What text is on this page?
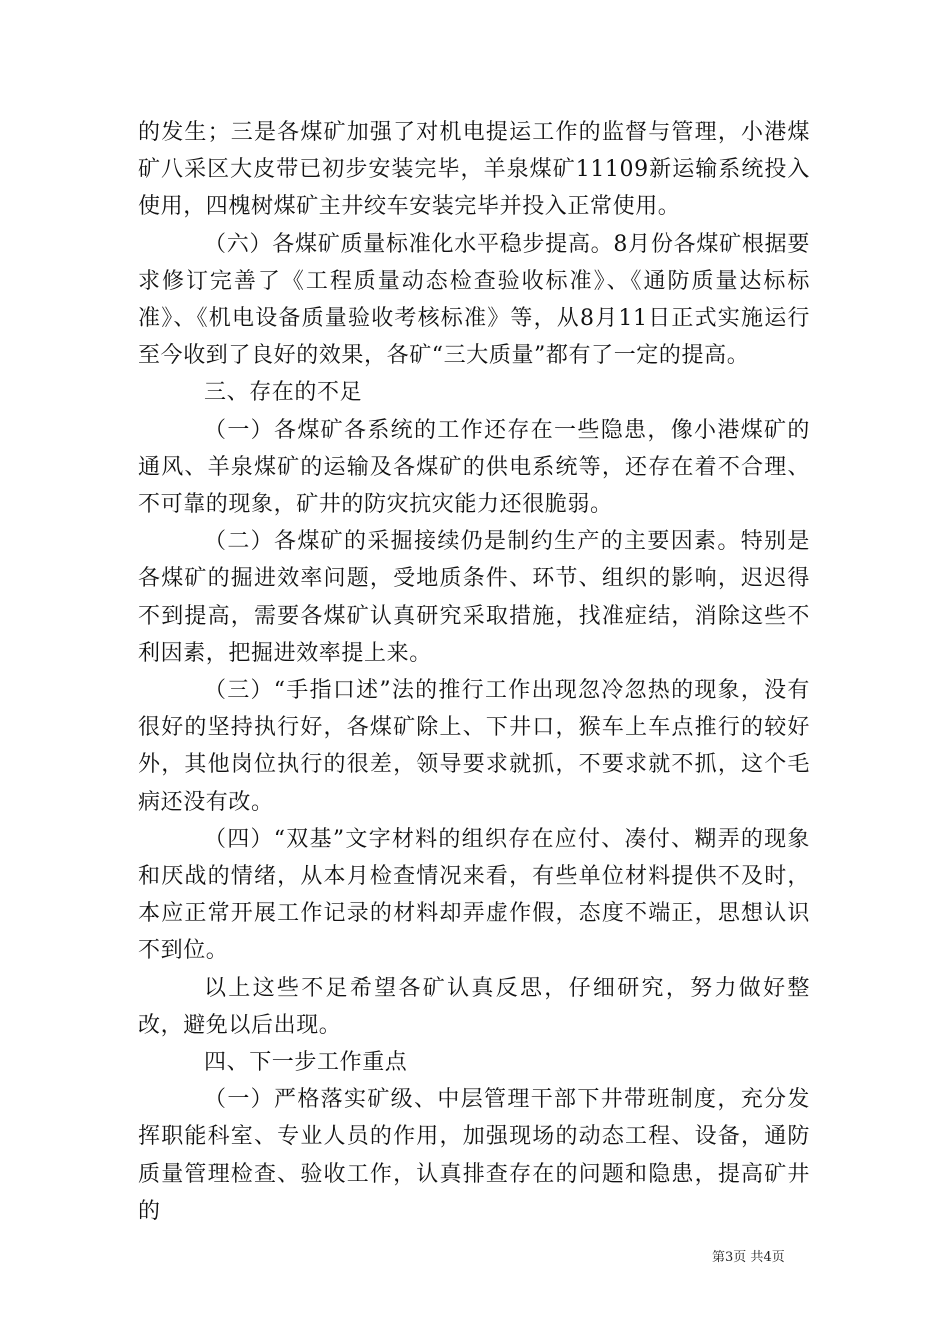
的发生；三是各煤矿加强了对机电提运工作的监督与管理，小港煤矿八采区大皮带已初步安装完毕，羊泉煤矿11109新运输系统投入使用，四槐树煤矿主井绞车安装完毕并投入正常使用。

（六）各煤矿质量标准化水平稳步提高。8月份各煤矿根据要求修订完善了《工程质量动态检查验收标准》、《通防质量达标标准》、《机电设备质量验收考核标准》等，从8月11日正式实施运行至今收到了良好的效果，各矿“三大质量”都有了一定的提高。

三、存在的不足

（一）各煤矿各系统的工作还存在一些隐患，像小港煤矿的通风、羊泉煤矿的运输及各煤矿的供电系统等，还存在着不合理、不可靠的现象，矿井的防灾抗灾能力还很脆弱。

（二）各煤矿的采掘接续仍是制约生产的主要因素。特别是各煤矿的掘进效率问题，受地质条件、环节、组织的影响，迟迟得不到提高，需要各煤矿认真研究采取措施，找准症结，消除这些不利因素，把掘进效率提上来。

（三）“手指口述”法的推行工作出现忽冷忽热的现象，没有很好的坚持执行好，各煤矿除上、下井口，猴车上车点推行的较好外，其他岗位执行的很差，领导要求就抓，不要求就不抓，这个毛病还没有改。

（四）“双基”文字材料的组织存在应付、凑付、糊弄的现象和厌战的情绪，从本月检查情况来看，有些单位材料提供不及时，本应正常开展工作记录的材料却弄虚作假，态度不端正，思想认识不到位。

以上这些不足希望各矿认真反思，仔细研究，努力做好整改，避免以后出现。

四、下一步工作重点

（一）严格落实矿级、中层管理干部下井带班制度，充分发挥职能科室、专业人员的作用，加强现场的动态工程、设备，通防质量管理检查、验收工作，认真排查存在的问题和隐患，提高矿井的

第3页 共4页
